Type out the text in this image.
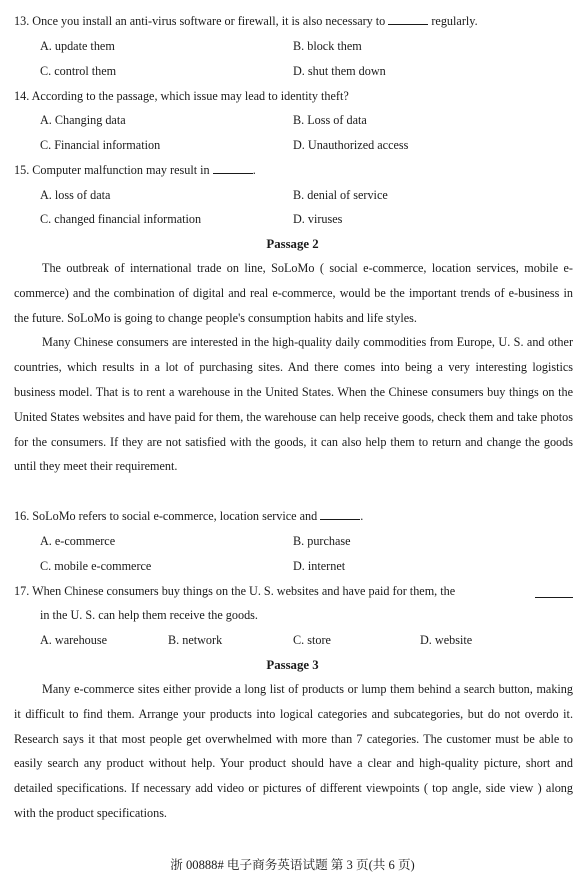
13. Once you install an anti-virus software or firewall, it is also necessary to	regularly.
A. update them	B. block them
C. control them	D. shut them down
14. According to the passage, which issue may lead to identity theft?
A. Changing data	B. Loss of data
C. Financial information	D. Unauthorized access
15. Computer malfunction may result in	.
A. loss of data	B. denial of service
C. changed financial information	D. viruses
Passage 2

The outbreak of international trade on line, SoLoMo ( social e-commerce, location services, mobile e-commerce) and the combination of digital and real e-commerce, would be the important trends of e-business in the future. SoLoMo is going to change people's consumption habits and life styles.

Many Chinese consumers are interested in the high-quality daily commodities from Europe, U. S. and other countries, which results in a lot of purchasing sites. And there comes into being a very interesting logistics business model. That is to rent a warehouse in the United States. When the Chinese consumers buy things on the United States websites and have paid for them, the warehouse can help receive goods, check them and take photos for the consumers. If they are not satisfied with the goods, it can also help them to return and change the goods until they meet their requirement.

16. SoLoMo refers to social e-commerce, location service and	.
A. e-commerce	B. purchase
C. mobile e-commerce	D. internet
17. When Chinese consumers buy things on the U. S. websites and have paid for them, the
in the U. S. can help them receive the goods.
A. warehouse	B. network	C. store	D. website
Passage 3

Many e-commerce sites either provide a long list of products or lump them behind a search button, making it difficult to find them. Arrange your products into logical categories and subcategories, but do not overdo it. Research says it that most people get overwhelmed with more than 7 categories. The customer must be able to easily search any product without help. Your product should have a clear and high-quality picture, short and detailed specifications. If necessary add video or pictures of different viewpoints ( top angle, side view ) along with the product specifications.

浙 00888# 电子商务英语试题 第 3 页(共 6 页)
